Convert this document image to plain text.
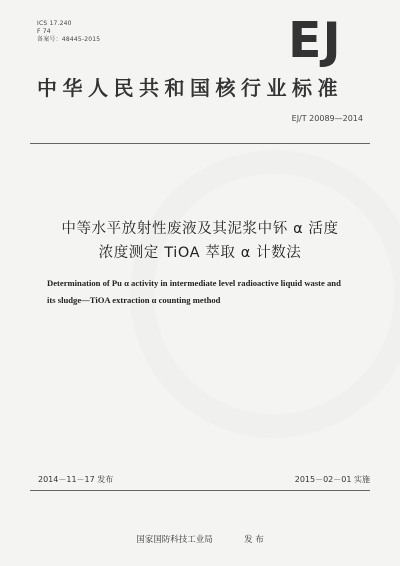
ICS 17.240
F 74
备案号：48445-2015	EJ
中华人民共和国核行业标准
EJ/T 20089—2014
中等水平放射性废液及其泥浆中钚 α 活度
浓度测定 TiOA 萃取 α 计数法
Determination of Pu α activity in intermediate level radioactive liquid waste and
its sludge—TiOA extraction α counting method
2014－11－17 发布	2015－02－01 实施
国家国防科技工业局	发 布
